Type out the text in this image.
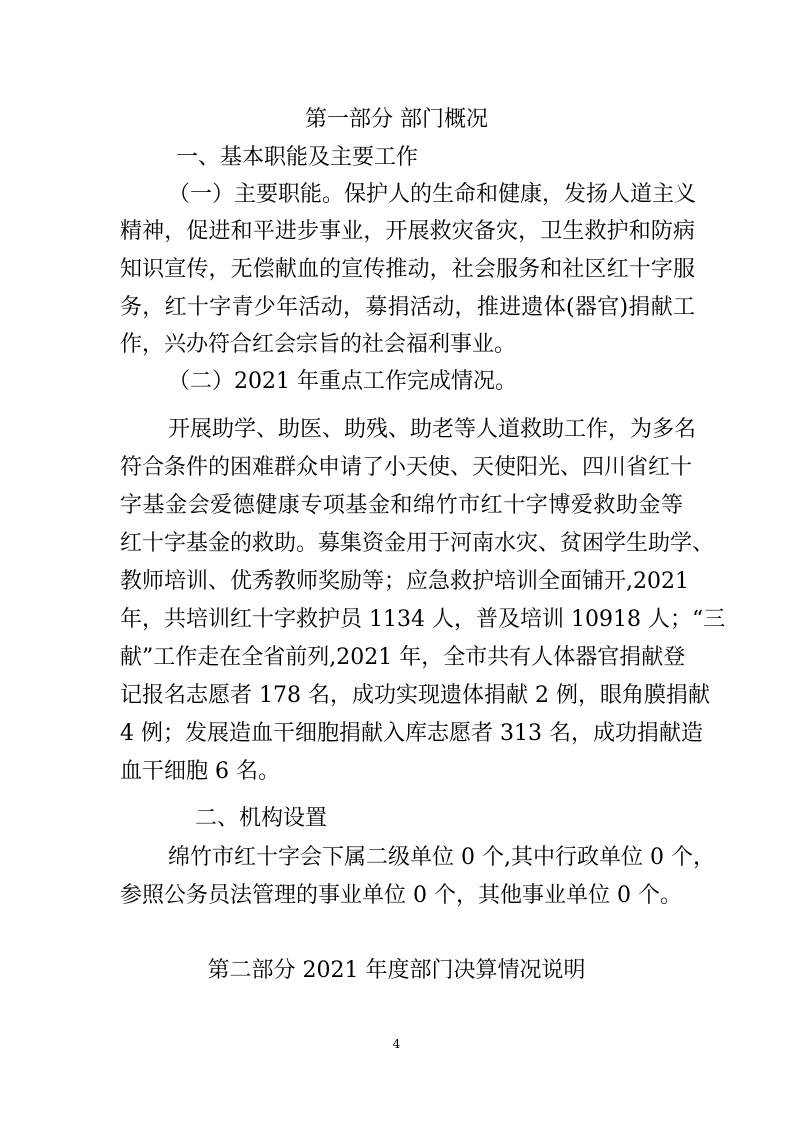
第一部分 部门概况
一、基本职能及主要工作
（一）主要职能。保护人的生命和健康，发扬人道主义
精神，促进和平进步事业，开展救灾备灾，卫生救护和防病
知识宣传，无偿献血的宣传推动，社会服务和社区红十字服
务，红十字青少年活动，募捐活动，推进遗体(器官)捐献工
作，兴办符合红会宗旨的社会福利事业。
（二）2021 年重点工作完成情况。
开展助学、助医、助残、助老等人道救助工作，为多名
符合条件的困难群众申请了小天使、天使阳光、四川省红十
字基金会爱德健康专项基金和绵竹市红十字博爱救助金等
红十字基金的救助。募集资金用于河南水灾、贫困学生助学、
教师培训、优秀教师奖励等；应急救护培训全面铺开,2021
年，共培训红十字救护员 1134 人，普及培训 10918 人；“三
献”工作走在全省前列,2021 年，全市共有人体器官捐献登
记报名志愿者 178 名，成功实现遗体捐献 2 例，眼角膜捐献
4 例；发展造血干细胞捐献入库志愿者 313 名，成功捐献造
血干细胞 6 名。
二、机构设置
绵竹市红十字会下属二级单位 0 个,其中行政单位 0 个，
参照公务员法管理的事业单位 0 个，其他事业单位 0 个。
第二部分 2021 年度部门决算情况说明
4
